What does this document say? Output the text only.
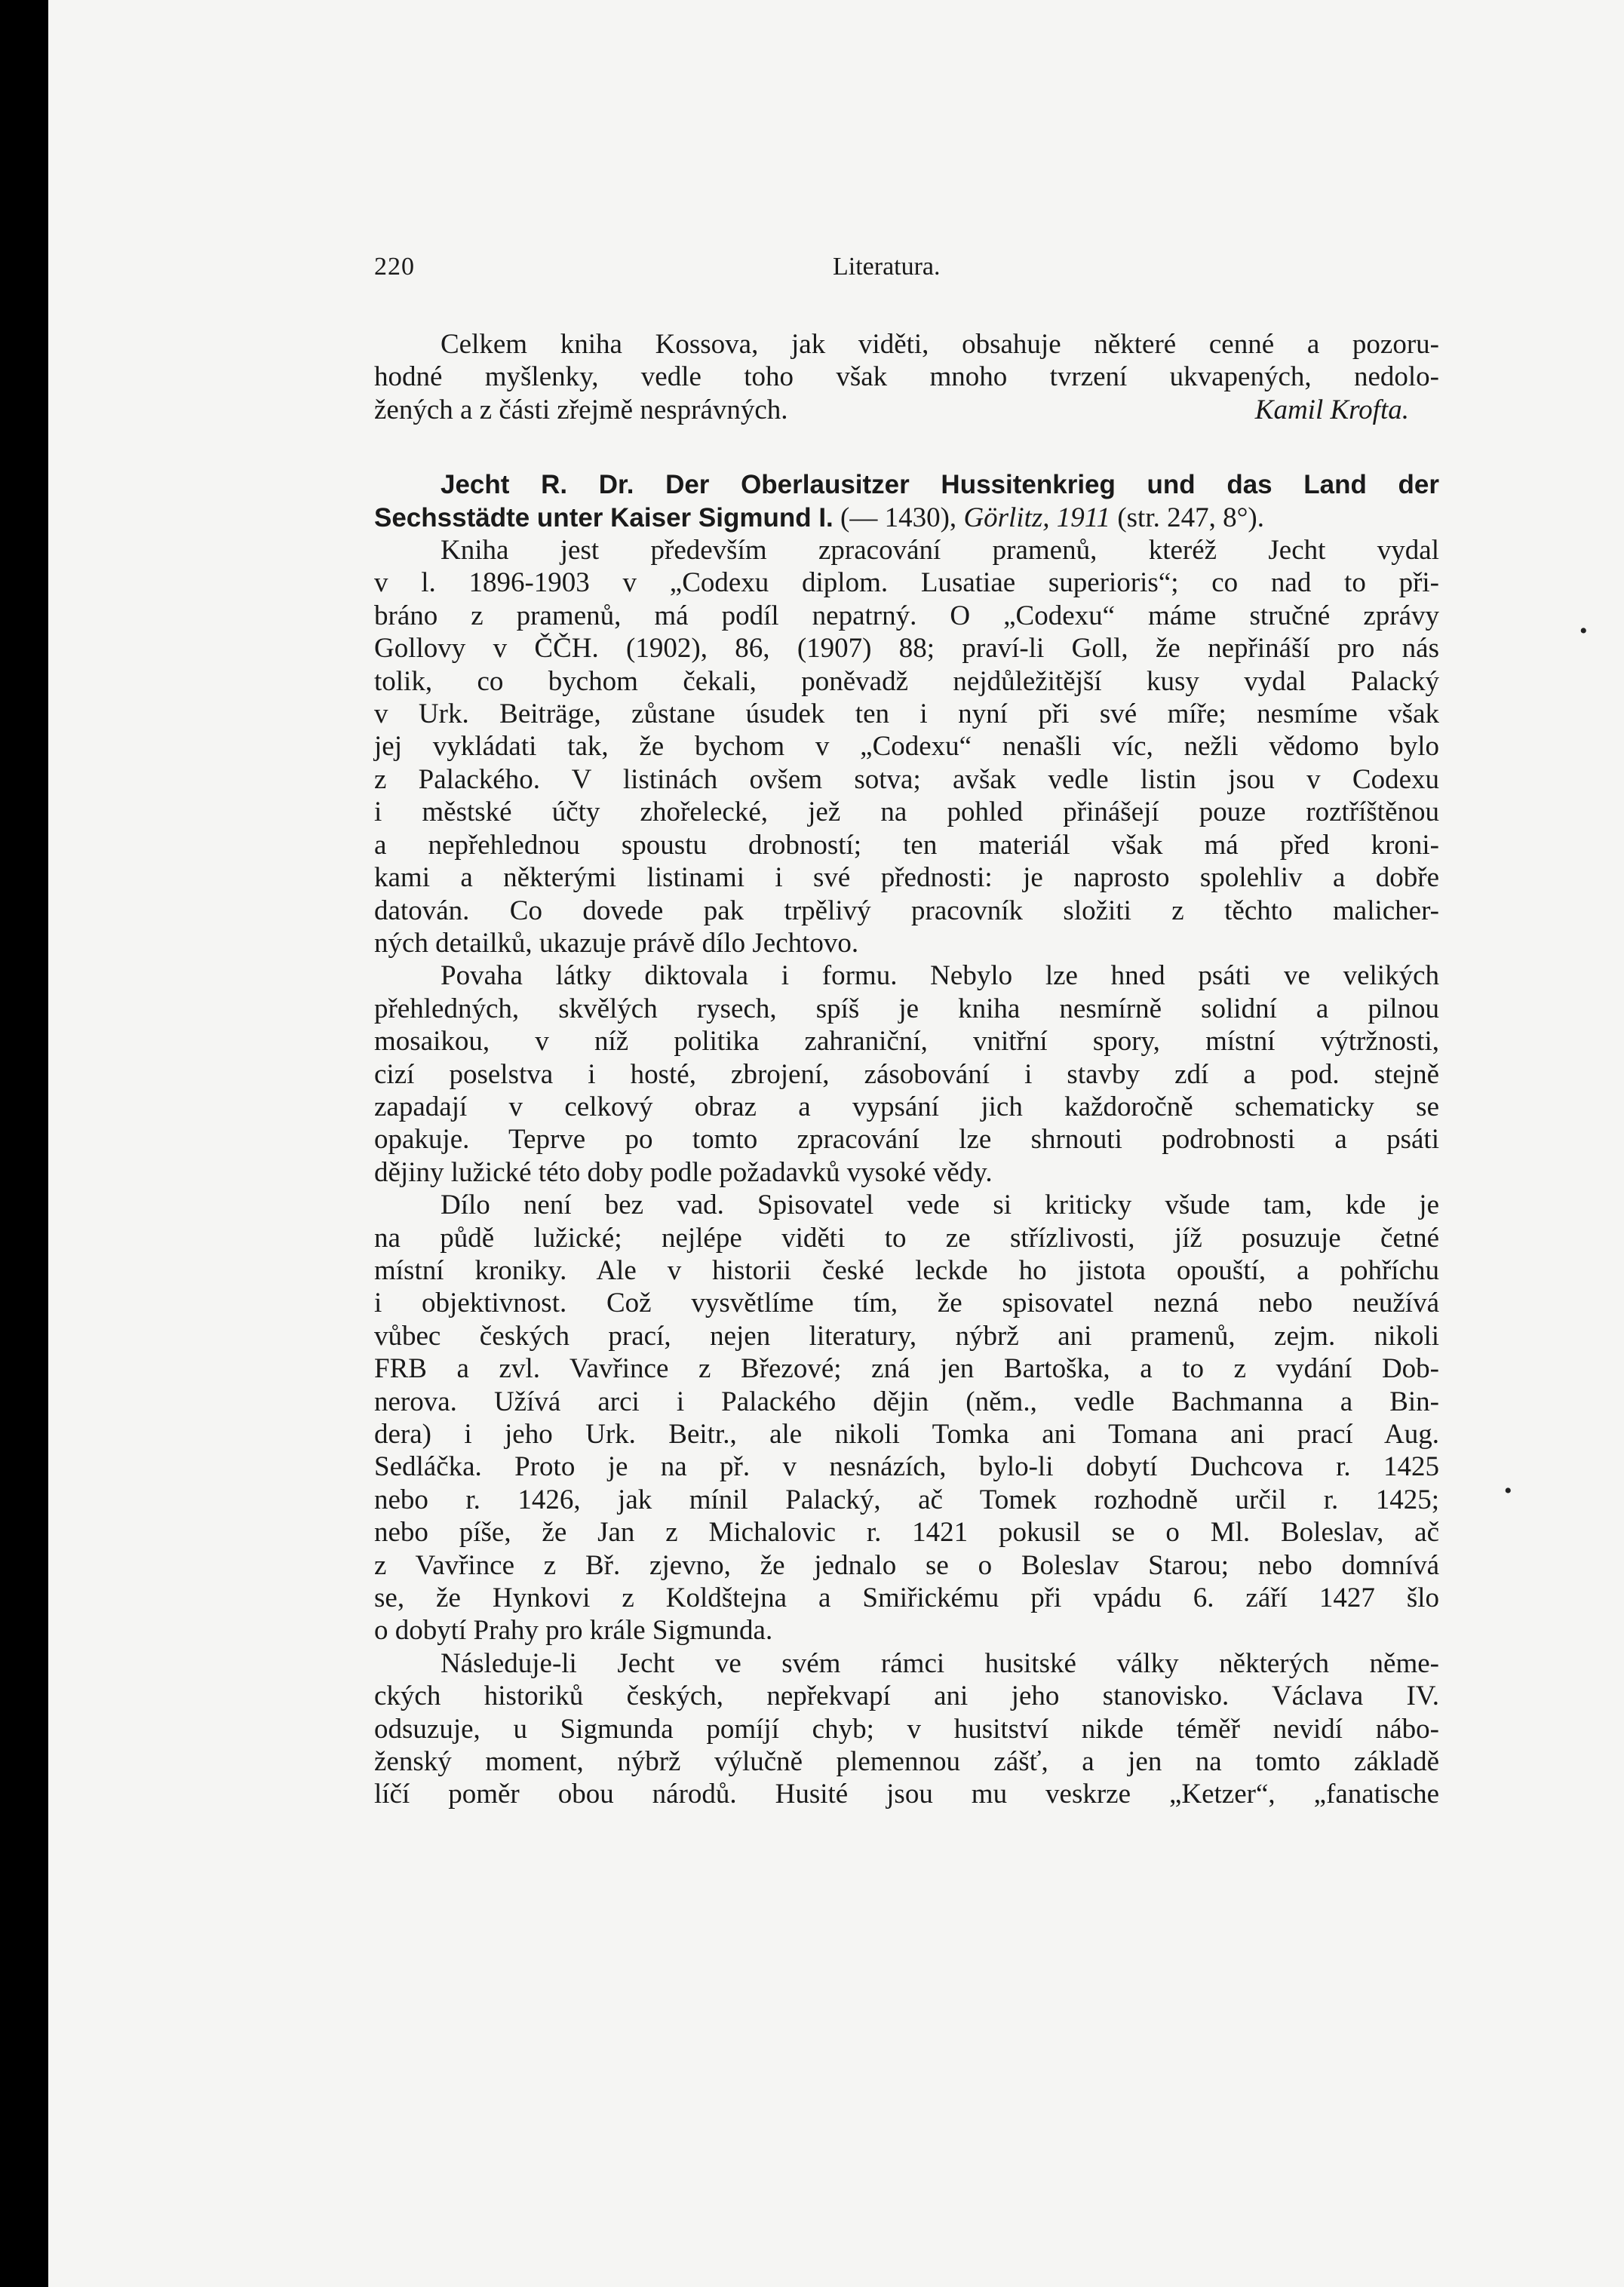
220	Literatura.

Celkem kniha Kossova, jak viděti, obsahuje některé cenné a pozoru-

hodné myšlenky, vedle toho však mnoho tvrzení ukvapených, nedolo-

žených a z části zřejmě nesprávných.	Kamil Krofta.

Jecht R. Dr. Der Oberlausitzer Hussitenkrieg und das Land der

Sechsstädte unter Kaiser Sigmund I. (— 1430), Görlitz, 1911 (str. 247, 8°).

Kniha jest především zpracování pramenů, kteréž Jecht vydal

v l. 1896-1903 v „Codexu diplom. Lusatiae superioris“; co nad to při-

bráno z pramenů, má podíl nepatrný. O „Codexu“ máme stručné zprávy

Gollovy v ČČH. (1902), 86, (1907) 88; praví-li Goll, že nepřináší pro nás

tolik, co bychom čekali, poněvadž nejdůležitější kusy vydal Palacký

v Urk. Beiträge, zůstane úsudek ten i nyní při své míře; nesmíme však

jej vykládati tak, že bychom v „Codexu“ nenašli víc, nežli vědomo bylo

z Palackého. V listinách ovšem sotva; avšak vedle listin jsou v Codexu

i městské účty zhořelecké, jež na pohled přinášejí pouze roztříštěnou

a nepřehlednou spoustu drobností; ten materiál však má před kroni-

kami a některými listinami i své přednosti: je naprosto spolehliv a dobře

datován. Co dovede pak trpělivý pracovník složiti z těchto malicher-

ných detailků, ukazuje právě dílo Jechtovo.

Povaha látky diktovala i formu. Nebylo lze hned psáti ve velikých

přehledných, skvělých rysech, spíš je kniha nesmírně solidní a pilnou

mosaikou, v níž politika zahraniční, vnitřní spory, místní výtržnosti,

cizí poselstva i hosté, zbrojení, zásobování i stavby zdí a pod. stejně

zapadají v celkový obraz a vypsání jich každoročně schematicky se

opakuje. Teprve po tomto zpracování lze shrnouti podrobnosti a psáti

dějiny lužické této doby podle požadavků vysoké vědy.

Dílo není bez vad. Spisovatel vede si kriticky všude tam, kde je

na půdě lužické; nejlépe viděti to ze střízlivosti, jíž posuzuje četné

místní kroniky. Ale v historii české leckde ho jistota opouští, a pohříchu

i objektivnost. Což vysvětlíme tím, že spisovatel nezná nebo neužívá

vůbec českých prací, nejen literatury, nýbrž ani pramenů, zejm. nikoli

FRB a zvl. Vavřince z Březové; zná jen Bartoška, a to z vydání Dob-

nerova. Užívá arci i Palackého dějin (něm., vedle Bachmanna a Bin-

dera) i jeho Urk. Beitr., ale nikoli Tomka ani Tomana ani prací Aug.

Sedláčka. Proto je na př. v nesnázích, bylo-li dobytí Duchcova r. 1425

nebo r. 1426, jak mínil Palacký, ač Tomek rozhodně určil r. 1425;

nebo píše, že Jan z Michalovic r. 1421 pokusil se o Ml. Boleslav, ač

z Vavřince z Bř. zjevno, že jednalo se o Boleslav Starou; nebo domnívá

se, že Hynkovi z Koldštejna a Smiřickému při vpádu 6. září 1427 šlo

o dobytí Prahy pro krále Sigmunda.

Následuje-li Jecht ve svém rámci husitské války některých něme-

ckých historiků českých, nepřekvapí ani jeho stanovisko. Václava IV.

odsuzuje, u Sigmunda pomíjí chyb; v husitství nikde téměř nevidí nábo-

ženský moment, nýbrž výlučně plemennou zášť, a jen na tomto základě

líčí poměr obou národů. Husité jsou mu veskrze „Ketzer“, „fanatische

•
•
